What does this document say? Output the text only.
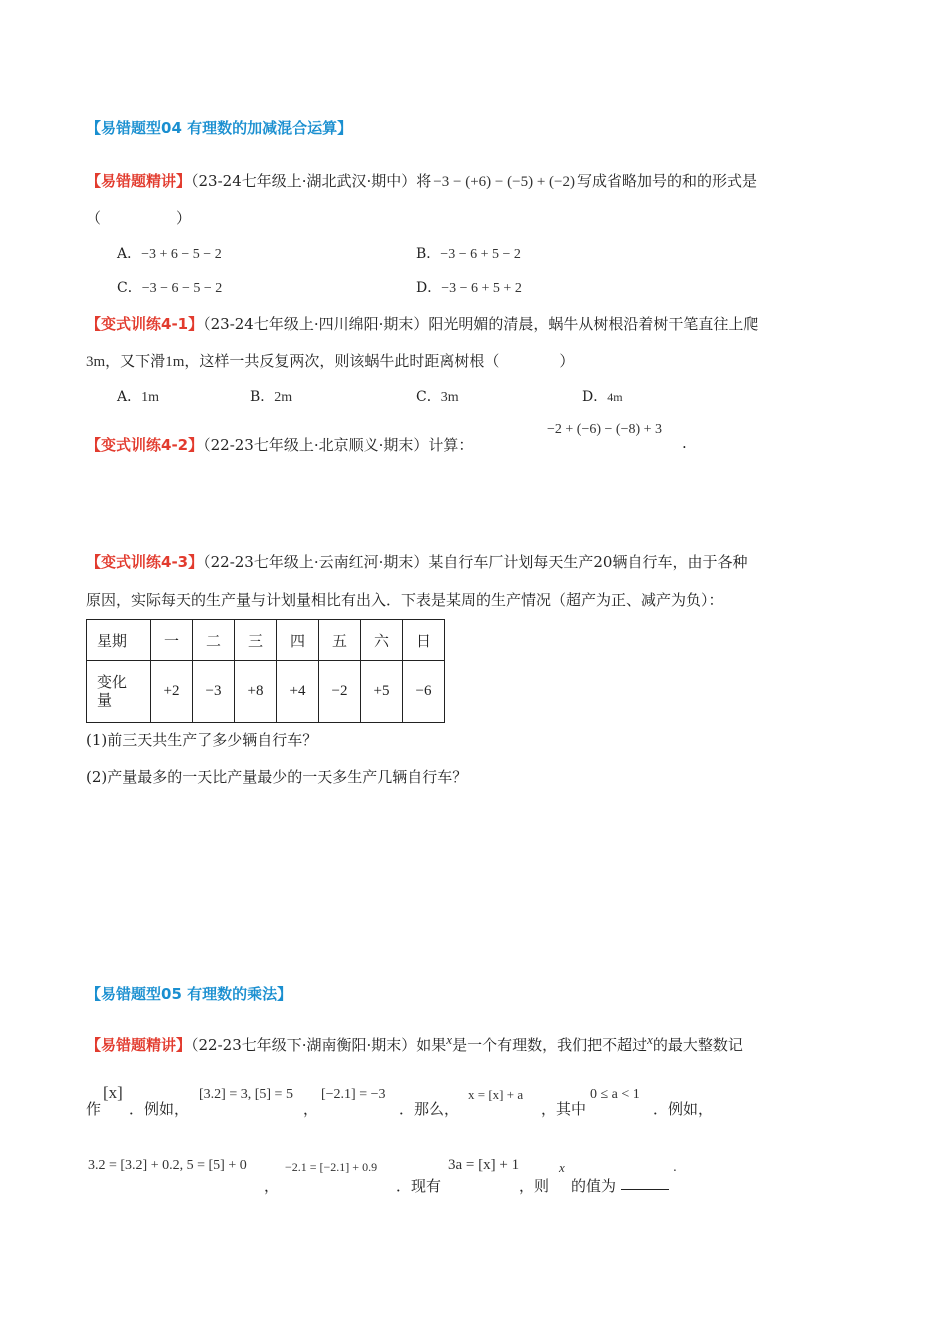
【易错题型04 有理数的加减混合运算】
【易错题精讲】（23-24七年级上·湖北武汉·期中）将 −3 − (+6) − (−5) + (−2) 写成省略加号的和的形式是
（　　　　　）
A．−3 + 6 − 5 − 2	B．−3 − 6 + 5 − 2
C．−3 − 6 − 5 − 2	D．−3 − 6 + 5 + 2
【变式训练4-1】（23-24七年级上·四川绵阳·期末）阳光明媚的清晨，蜗牛从树根沿着树干笔直往上爬
3m，又下滑1m，这样一共反复两次，则该蜗牛此时距离树根（　　　　）
A．1m	B．2m	C．3m	D．4m
【变式训练4-2】（22-23七年级上·北京顺义·期末）计算：
−2 + (−6) − (−8) + 3
.
【变式训练4-3】（22-23七年级上·云南红河·期末）某自行车厂计划每天生产20辆自行车，由于各种
原因，实际每天的生产量与计划量相比有出入．下表是某周的生产情况（超产为正、减产为负）：
星期	一	二	三	四	五	六	日
变化
量	+2	−3	+8	+4	−2	+5	−6
(1)前三天共生产了多少辆自行车？
(2)产量最多的一天比产量最少的一天多生产几辆自行车？
【易错题型05 有理数的乘法】
【易错题精讲】（22-23七年级下·湖南衡阳·期末）如果$^x$是一个有理数，我们把不超过$^x$的最大整数记
作
[x]
．例如，
[3.2] = 3, [5] = 5
，
[−2.1] = −3
．那么，
x = [x] + a
，其中
0 ≤ a < 1
．例如，
3.2 = [3.2] + 0.2, 5 = [5] + 0
，
−2.1 = [−2.1] + 0.9
．现有
3a = [x] + 1
，则
x
的值为
.
